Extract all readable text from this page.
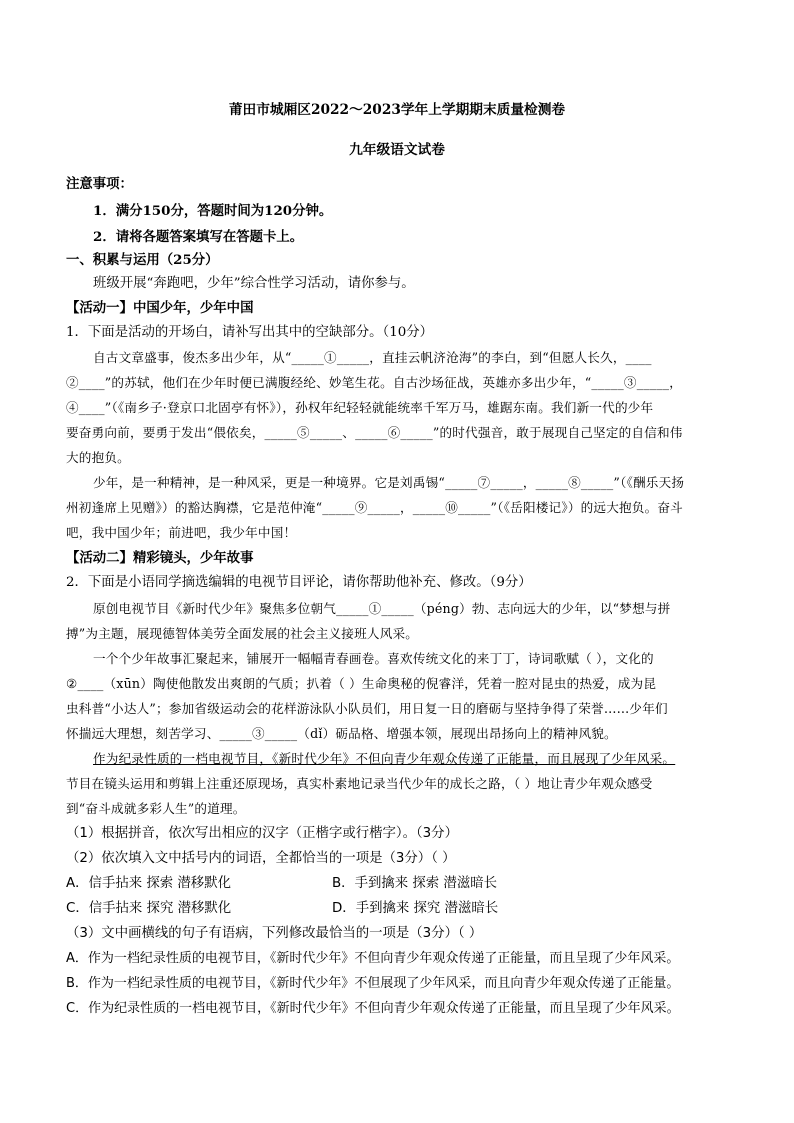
莆田市城厢区2022～2023学年上学期期末质量检测卷
九年级语文试卷
注意事项：
1．满分150分，答题时间为120分钟。
2．请将各题答案填写在答题卡上。
一、积累与运用（25分）
班级开展“奔跑吧，少年”综合性学习活动，请你参与。
【活动一】中国少年，少年中国
1．下面是活动的开场白，请补写出其中的空缺部分。（10分）
自古文章盛事，俊杰多出少年，从“_____①_____，直挂云帆济沧海”的李白，到“但愿人长久，____
②____”的苏轼，他们在少年时便已满腹经纶、妙笔生花。自古沙场征战，英雄亦多出少年，“_____③_____，
④____”（《南乡子·登京口北固亭有怀》），孙权年纪轻轻就能统率千军万马，雄踞东南。我们新一代的少年
要奋勇向前，要勇于发出“偎依矣，_____⑤_____、_____⑥_____”的时代强音，敢于展现自己坚定的自信和伟
大的抱负。
少年，是一种精神，是一种风采，更是一种境界。它是刘禹锡“_____⑦_____，_____⑧_____”（《酬乐天扬
州初逢席上见赠》）的豁达胸襟，它是范仲淹“_____⑨_____，_____⑩_____”（《岳阳楼记》）的远大抱负。奋斗
吧，我中国少年；前进吧，我少年中国！
【活动二】精彩镜头，少年故事
2．下面是小语同学摘选编辑的电视节目评论，请你帮助他补充、修改。（9分）
原创电视节目《新时代少年》聚焦多位朝气_____①_____（péng）勃、志向远大的少年，以“梦想与拼
搏”为主题，展现德智体美劳全面发展的社会主义接班人风采。
一个个少年故事汇聚起来，铺展开一幅幅青春画卷。喜欢传统文化的来丁丁，诗词歌赋（ ），文化的
②____（xūn）陶使他散发出爽朗的气质；扒着（ ）生命奥秘的倪睿洋，凭着一腔对昆虫的热爱，成为昆
虫科普“小达人”；参加省级运动会的花样游泳队小队员们，用日复一日的磨砺与坚持争得了荣誉……少年们
怀揣远大理想，刻苦学习、_____③_____（dǐ）砺品格、增强本领，展现出昂扬向上的精神风貌。
作为纪录性质的一档电视节目，《新时代少年》不但向青少年观众传递了正能量，而且展现了少年风采。
节目在镜头运用和剪辑上注重还原现场，真实朴素地记录当代少年的成长之路，（ ）地让青少年观众感受
到“奋斗成就多彩人生”的道理。
（1）根据拼音，依次写出相应的汉字（正楷字或行楷字）。（3分）
（2）依次填入文中括号内的词语，全都恰当的一项是（3分）（ ）
A．信手拈来 探索 潜移默化	B．手到擒来 探索 潜滋暗长
C．信手拈来 探究 潜移默化	D．手到擒来 探究 潜滋暗长
（3）文中画横线的句子有语病，下列修改最恰当的一项是（3分）（ ）
A．作为一档纪录性质的电视节目，《新时代少年》不但向青少年观众传递了正能量，而且呈现了少年风采。
B．作为一档纪录性质的电视节目，《新时代少年》不但展现了少年风采，而且向青少年观众传递了正能量。
C．作为纪录性质的一档电视节目，《新时代少年》不但向青少年观众传递了正能量，而且呈现了少年风采。
